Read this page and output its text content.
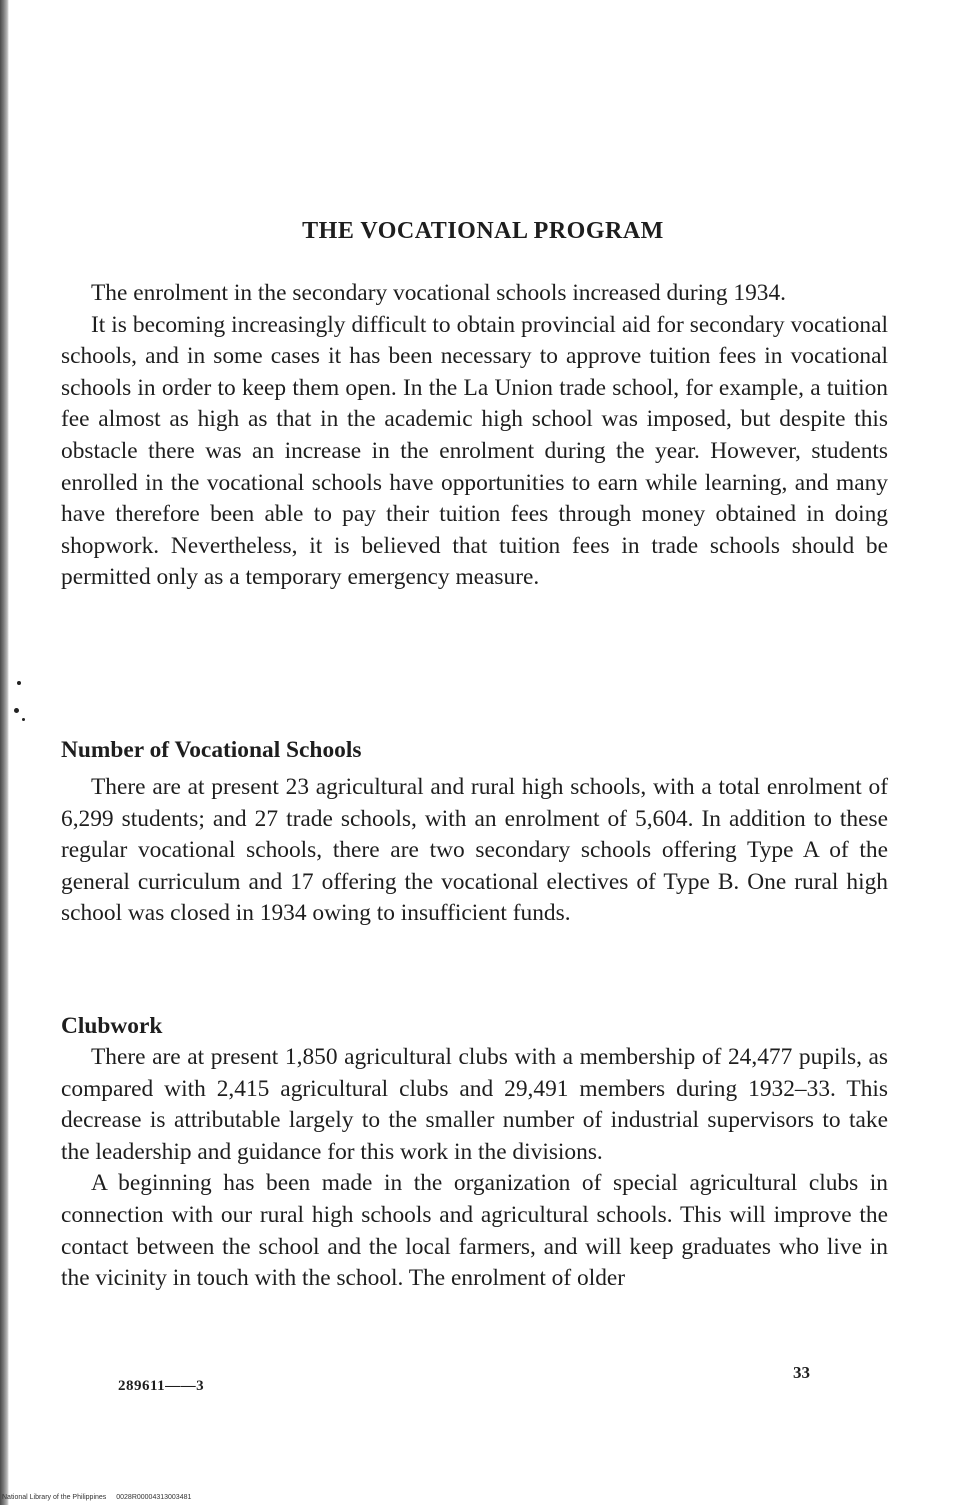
THE VOCATIONAL PROGRAM

The enrolment in the secondary vocational schools increased during 1934.

It is becoming increasingly difficult to obtain provincial aid for secondary vocational schools, and in some cases it has been necessary to approve tuition fees in vocational schools in order to keep them open. In the La Union trade school, for example, a tuition fee almost as high as that in the academic high school was imposed, but despite this obstacle there was an increase in the enrolment during the year. However, students enrolled in the vocational schools have opportunities to earn while learning, and many have therefore been able to pay their tuition fees through money obtained in doing shopwork. Nevertheless, it is believed that tuition fees in trade schools should be permitted only as a temporary emergency measure.

Number of Vocational Schools

There are at present 23 agricultural and rural high schools, with a total enrolment of 6,299 students; and 27 trade schools, with an enrolment of 5,604. In addition to these regular vocational schools, there are two secondary schools offering Type A of the general curriculum and 17 offering the vocational electives of Type B. One rural high school was closed in 1934 owing to insufficient funds.

Clubwork

There are at present 1,850 agricultural clubs with a membership of 24,477 pupils, as compared with 2,415 agricultural clubs and 29,491 members during 1932–33. This decrease is attributable largely to the smaller number of industrial supervisors to take the leadership and guidance for this work in the divisions.

A beginning has been made in the organization of special agricultural clubs in connection with our rural high schools and agricultural schools. This will improve the contact between the school and the local farmers, and will keep graduates who live in the vicinity in touch with the school. The enrolment of older

289611——3
33
National Library of the Philippines 0028R00004313003481
